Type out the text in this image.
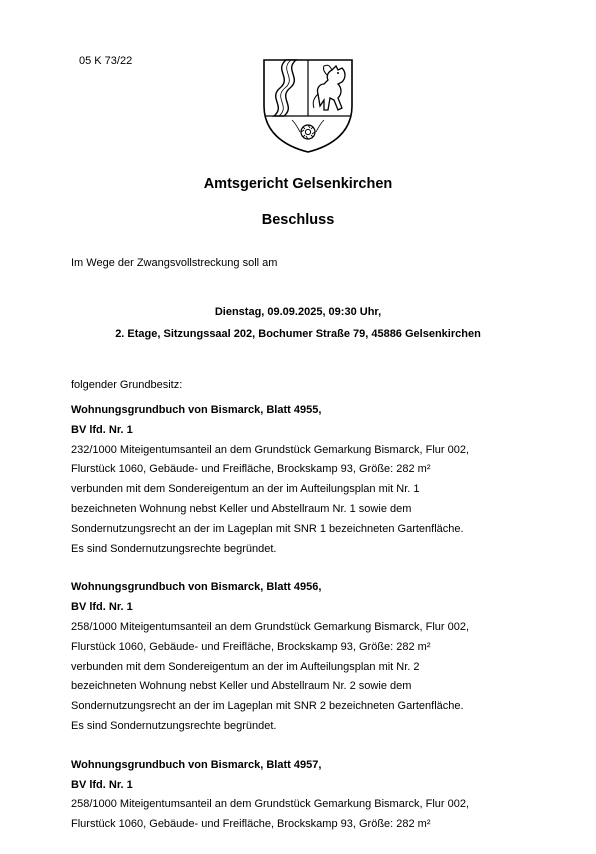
05 K 73/22
Amtsgericht Gelsenkirchen
Beschluss
Im Wege der Zwangsvollstreckung soll am
Dienstag, 09.09.2025, 09:30 Uhr,
2. Etage, Sitzungssaal 202, Bochumer Straße 79, 45886 Gelsenkirchen
folgender Grundbesitz:
Wohnungsgrundbuch von Bismarck, Blatt 4955,
BV lfd. Nr. 1
232/1000 Miteigentumsanteil an dem Grundstück Gemarkung Bismarck, Flur 002,
Flurstück 1060, Gebäude- und Freifläche, Brockskamp 93, Größe: 282 m²
verbunden mit dem Sondereigentum an der im Aufteilungsplan mit Nr. 1
bezeichneten Wohnung nebst Keller und Abstellraum Nr. 1 sowie dem
Sondernutzungsrecht an der im Lageplan mit SNR 1 bezeichneten Gartenfläche.
Es sind Sondernutzungsrechte begründet.
Wohnungsgrundbuch von Bismarck, Blatt 4956,
BV lfd. Nr. 1
258/1000 Miteigentumsanteil an dem Grundstück Gemarkung Bismarck, Flur 002,
Flurstück 1060, Gebäude- und Freifläche, Brockskamp 93, Größe: 282 m²
verbunden mit dem Sondereigentum an der im Aufteilungsplan mit Nr. 2
bezeichneten Wohnung nebst Keller und Abstellraum Nr. 2 sowie dem
Sondernutzungsrecht an der im Lageplan mit SNR 2 bezeichneten Gartenfläche.
Es sind Sondernutzungsrechte begründet.
Wohnungsgrundbuch von Bismarck, Blatt 4957,
BV lfd. Nr. 1
258/1000 Miteigentumsanteil an dem Grundstück Gemarkung Bismarck, Flur 002,
Flurstück 1060, Gebäude- und Freifläche, Brockskamp 93, Größe: 282 m²
